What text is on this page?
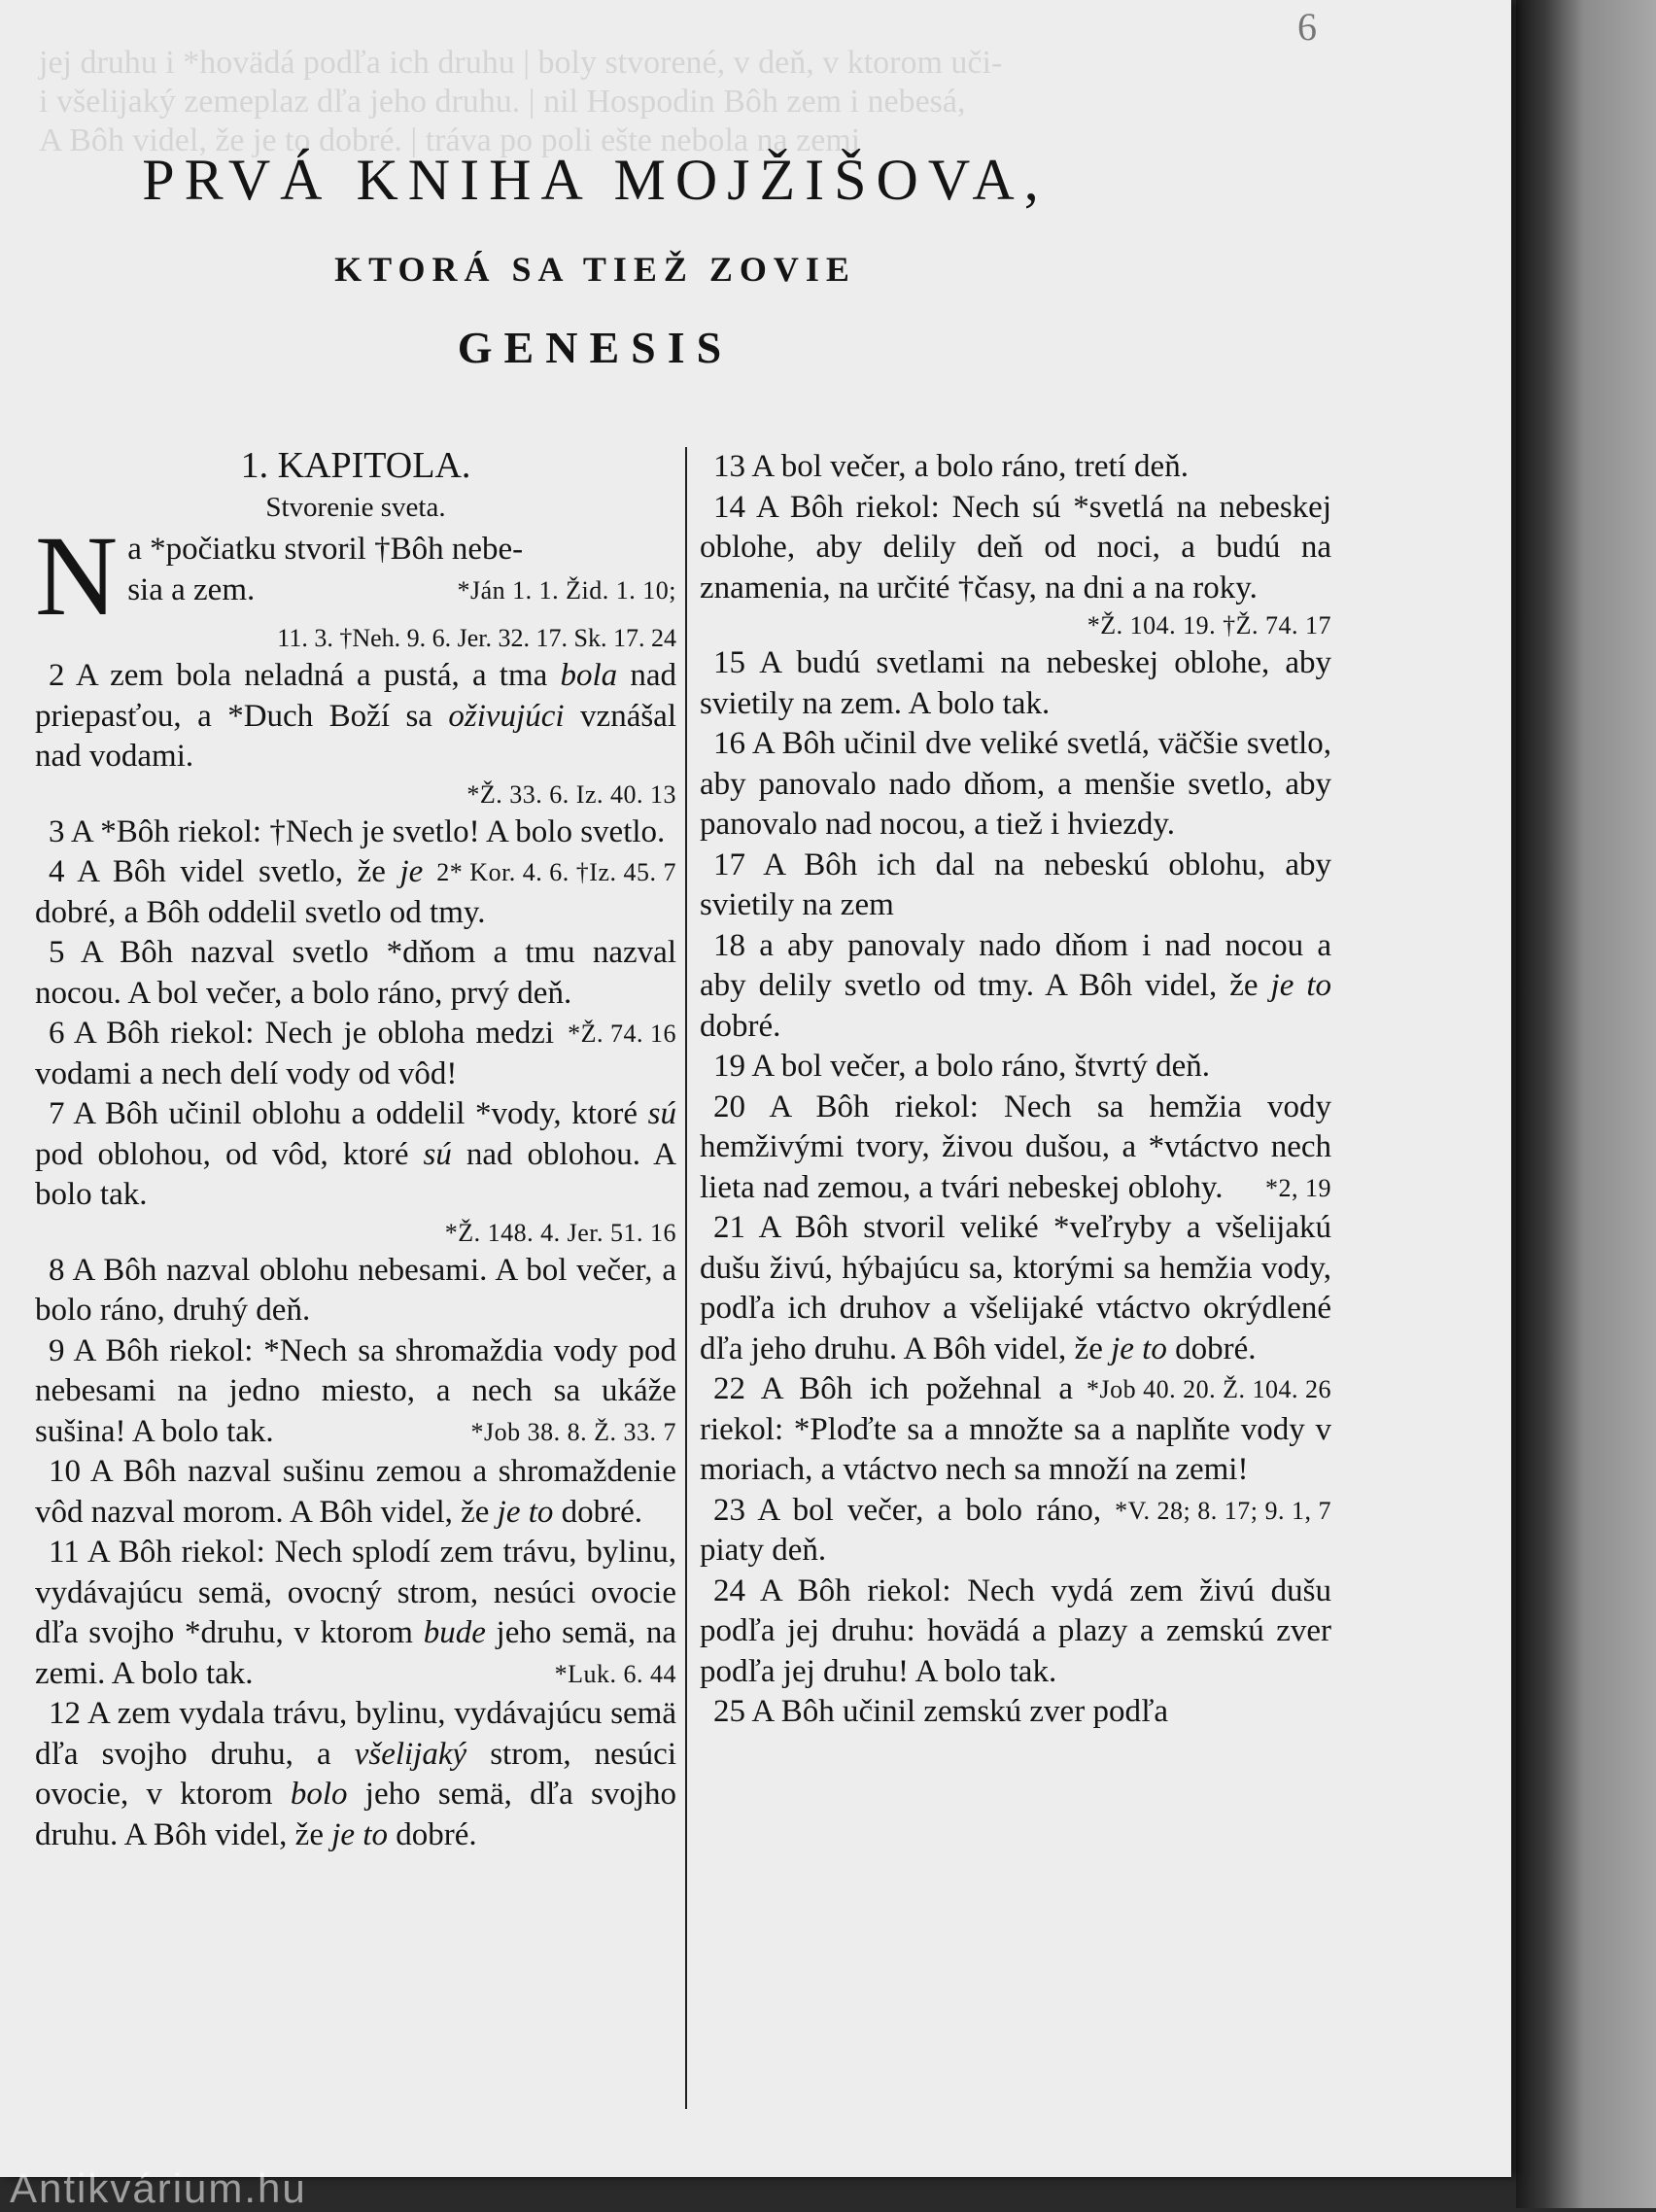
jej druhu i *hovädá podľa ich druhu | boly stvorené, v deň, v ktorom uči-
i všelijaký zemeplaz dľa jeho druhu. | nil Hospodin Bôh zem i nebesá,
A Bôh videl, že je to dobré. | tráva po poli ešte nebola na zemi
6
PRVÁ KNIHA MOJŽIŠOVA,
KTORÁ SA TIEŽ ZOVIE
GENESIS
1. KAPITOLA.
Stvorenie sveta.
N a *počiatku stvoril †Bôh nebe-
sia a zem.	*Ján 1. 1. Žid. 1. 10;

11. 3. †Neh. 9. 6. Jer. 32. 17. Sk. 17. 24

2 A zem bola neladná a pustá, a tma bola nad priepasťou, a *Duch Boží sa oživujúci vznášal nad vodami.

*Ž. 33. 6. Iz. 40. 13

3 A *Bôh riekol: †Nech je svetlo! A bolo svetlo.
2* Kor. 4. 6. †Iz. 45. 7

4 A Bôh videl svetlo, že je dobré, a Bôh oddelil svetlo od tmy.

5 A Bôh nazval svetlo *dňom a tmu nazval nocou. A bol večer, a bolo ráno, prvý deň.
*Ž. 74. 16

6 A Bôh riekol: Nech je obloha medzi vodami a nech delí vody od vôd!

7 A Bôh učinil oblohu a oddelil *vody, ktoré sú pod oblohou, od vôd, ktoré sú nad oblohou. A bolo tak.

*Ž. 148. 4. Jer. 51. 16

8 A Bôh nazval oblohu nebesami. A bol večer, a bolo ráno, druhý deň.

9 A Bôh riekol: *Nech sa shromaždia vody pod nebesami na jedno miesto, a nech sa ukáže sušina! A bolo tak.	*Job 38. 8. Ž. 33. 7

10 A Bôh nazval sušinu zemou a shromaždenie vôd nazval morom. A Bôh videl, že je to dobré.

11 A Bôh riekol: Nech splodí zem trávu, bylinu, vydávajúcu semä, ovocný strom, nesúci ovocie dľa svojho *druhu, v ktorom bude jeho semä, na zemi. A bolo tak.	*Luk. 6. 44

12 A zem vydala trávu, bylinu, vydávajúcu semä dľa svojho druhu, a všelijaký strom, nesúci ovocie, v ktorom bolo jeho semä, dľa svojho druhu. A Bôh videl, že je to dobré.

13 A bol večer, a bolo ráno, tretí deň.

14 A Bôh riekol: Nech sú *svetlá na nebeskej oblohe, aby delily deň od noci, a budú na znamenia, na určité †časy, na dni a na roky.

*Ž. 104. 19. †Ž. 74. 17

15 A budú svetlami na nebeskej oblohe, aby svietily na zem. A bolo tak.

16 A Bôh učinil dve veliké svetlá, väčšie svetlo, aby panovalo nado dňom, a menšie svetlo, aby panovalo nad nocou, a tiež i hviezdy.

17 A Bôh ich dal na nebeskú oblohu, aby svietily na zem

18 a aby panovaly nado dňom i nad nocou a aby delily svetlo od tmy. A Bôh videl, že je to dobré.

19 A bol večer, a bolo ráno, štvrtý deň.

20 A Bôh riekol: Nech sa hemžia vody hemživými tvory, živou dušou, a *vtáctvo nech lieta nad zemou, a tvári nebeskej oblohy.	*2, 19

21 A Bôh stvoril veliké *veľryby a všelijakú dušu živú, hýbajúcu sa, ktorými sa hemžia vody, podľa ich druhov a všelijaké vtáctvo okrýdlené dľa jeho druhu. A Bôh videl, že je to dobré.
*Job 40. 20. Ž. 104. 26

22 A Bôh ich požehnal a riekol: *Ploďte sa a množte sa a naplňte vody v moriach, a vtáctvo nech sa množí na zemi!
*V. 28; 8. 17; 9. 1, 7

23 A bol večer, a bolo ráno, piaty deň.

24 A Bôh riekol: Nech vydá zem živú dušu podľa jej druhu: hovädá a plazy a zemskú zver podľa jej druhu! A bolo tak.

25 A Bôh učinil zemskú zver podľa

Antikvárium.hu
